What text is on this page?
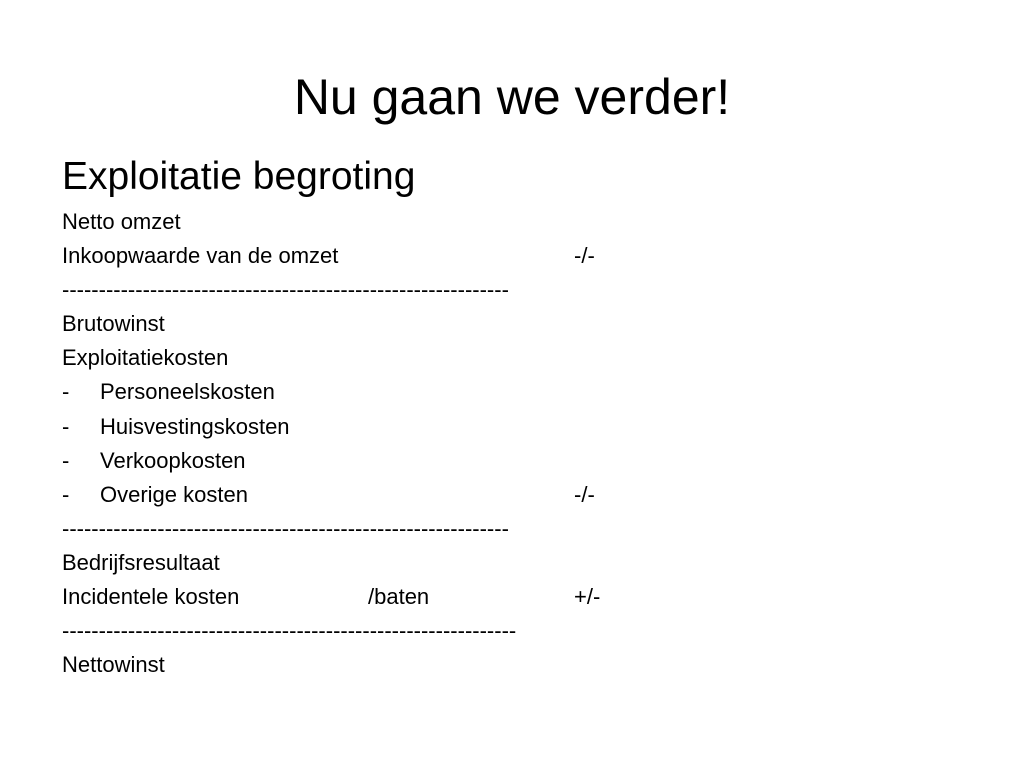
Nu gaan we verder!
Exploitatie begroting
Netto omzet
Inkoopwaarde van de omzet	-/-
-------------------------------------------------------------
Brutowinst
Exploitatiekosten
- Personeelskosten
- Huisvestingskosten
- Verkoopkosten
- Overige kosten	-/-
-------------------------------------------------------------
Bedrijfsresultaat
Incidentele kosten	/baten	+/-
--------------------------------------------------------------
Nettowinst
